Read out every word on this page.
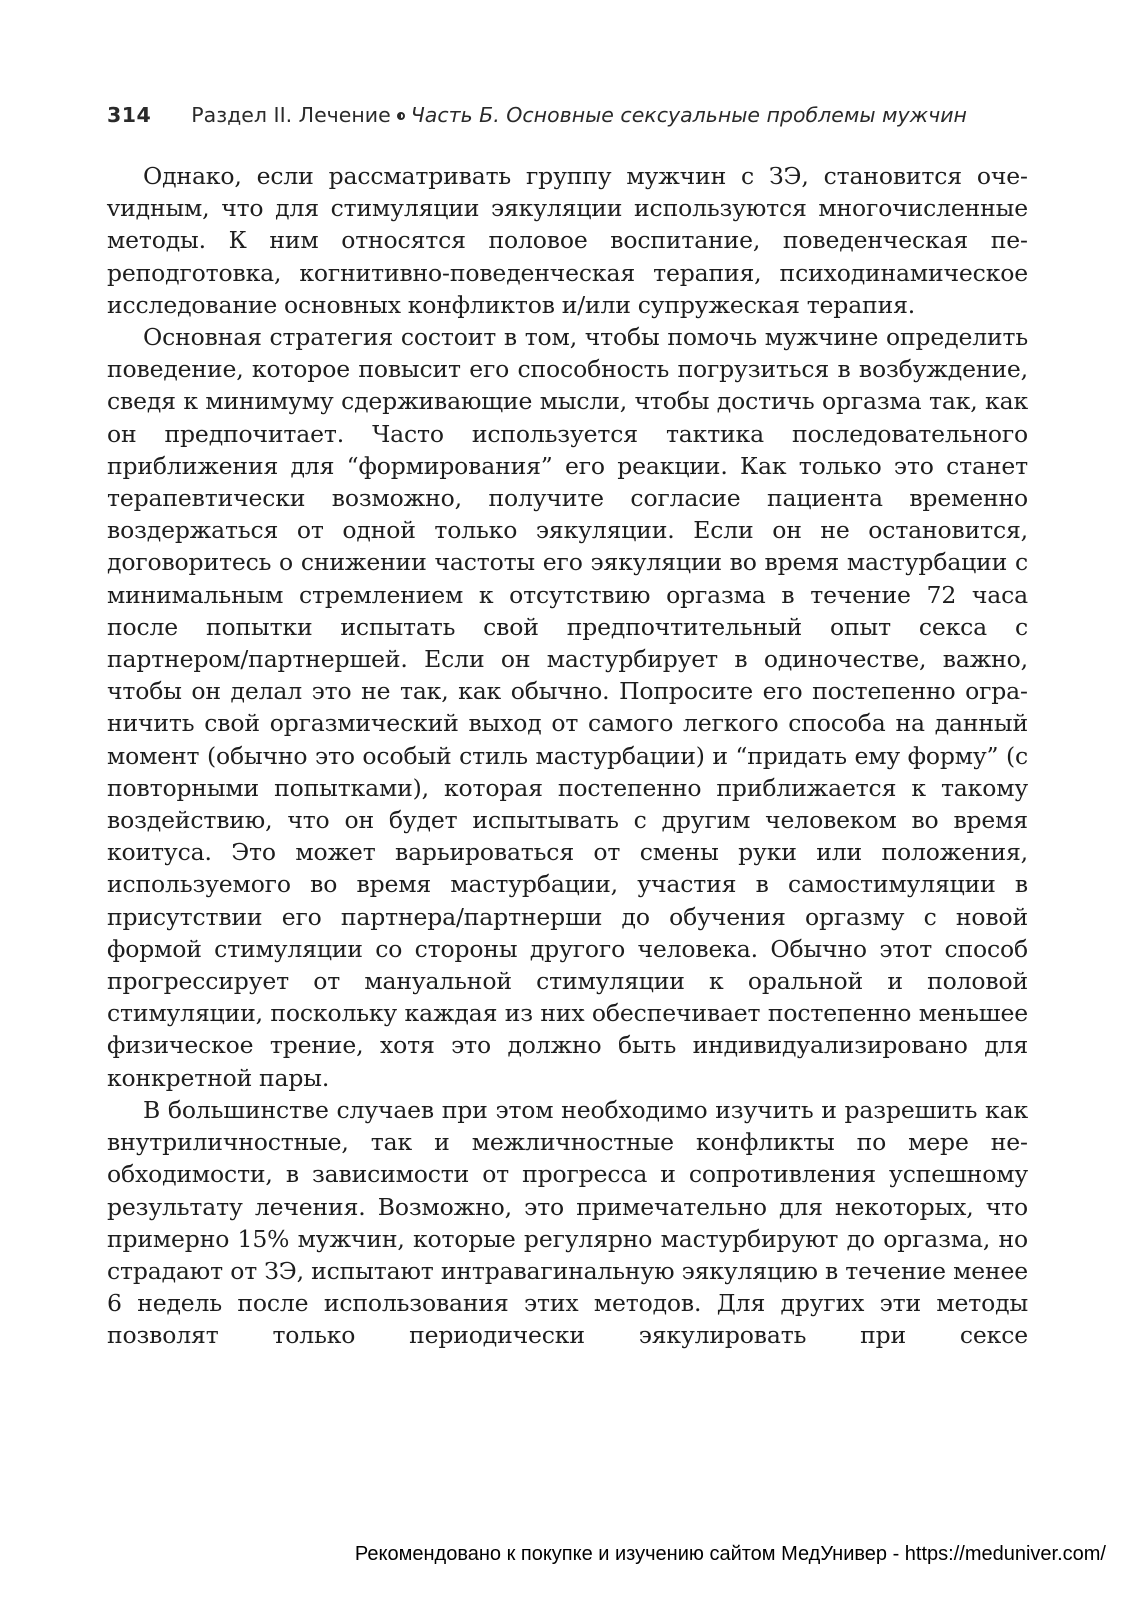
314 Раздел II. Лечение Часть Б. Основные сексуальные проблемы мужчин

Однако, если рассматривать группу мужчин с ЗЭ, становится очеvидным, что для стимуляции эякуляции используются многочисленные методы. К ним относятся половое воспитание, поведенческая переподготовка, когнитивно-поведенческая терапия, психодинамическое исследование основных конфликтов и/или супружеская терапия.

Основная стратегия состоит в том, чтобы помочь мужчине определить поведение, которое повысит его способность погрузиться в возбуждение, сведя к минимуму сдерживающие мысли, чтобы достичь оргазма так, как он предпочитает. Часто используется тактика последовательного приближения для “формирования” его реакции. Как только это станет терапевтически возможно, получите согласие пациента временно воздержаться от одной только эякуляции. Если он не остановится, договоритесь о снижении частоты его эякуляции во время мастурбации с минимальным стремлением к отсутствию оргазма в течение 72 часа после попытки испытать свой предпочтительный опыт секса с партнером/партнершей. Если он мастурбирует в одиночестве, важно, чтобы он делал это не так, как обычно. Попросите его постепенно ограничить свой оргазмический выход от самого легкого способа на данный момент (обычно это особый стиль мастурбации) и “придать ему форму” (с повторными попытками), которая постепенно приближается к такому воздействию, что он будет испытывать с другим человеком во время коитуса. Это может варьироваться от смены руки или положения, используемого во время мастурбации, участия в самостимуляции в присутствии его партнера/партнерши до обучения оргазму с новой формой стимуляции со стороны другого человека. Обычно этот способ прогрессирует от мануальной стимуляции к оральной и половой стимуляции, поскольку каждая из них обеспечивает постепенно меньшее физическое трение, хотя это должно быть индивидуализировано для конкретной пары.

В большинстве случаев при этом необходимо изучить и разрешить как внутриличностные, так и межличностные конфликты по мере необходимости, в зависимости от прогресса и сопротивления успешному результату лечения. Возможно, это примечательно для некоторых, что примерно 15% мужчин, которые регулярно мастурбируют до оргазма, но страдают от ЗЭ, испытают интравагинальную эякуляцию в течение менее 6 недель после использования этих методов. Для других эти методы позволят только периодически эякулировать при сексе

Рекомендовано к покупке и изучению сайтом МедУнивер - https://meduniver.com/
